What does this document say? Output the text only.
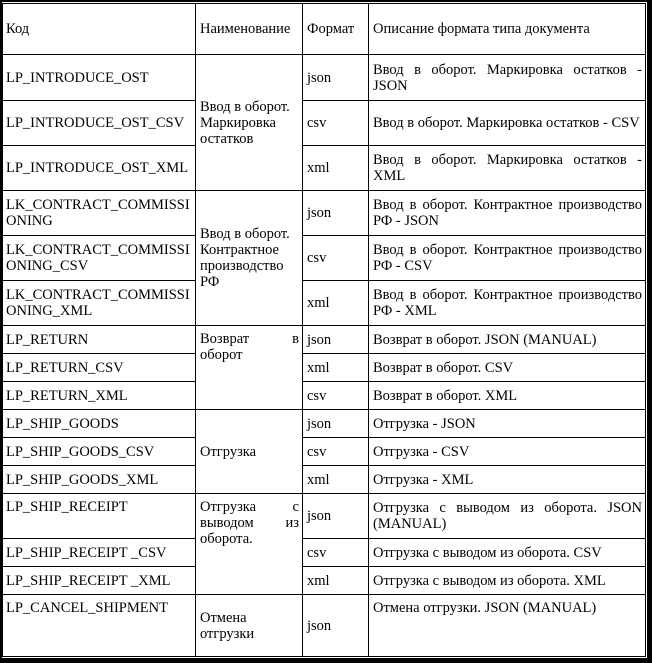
Код	Наименование	Формат	Описание формата типа документа
LP_INTRODUCE_OST	Ввод в оборот. Маркировка остатков	json	Ввод в оборот. Маркировка остатков - JSON
LP_INTRODUCE_OST_CSV		csv	Ввод в оборот. Маркировка остатков - CSV
LP_INTRODUCE_OST_XML		xml	Ввод в оборот. Маркировка остатков - XML
LK_CONTRACT_COMMISSIONING	Ввод в оборот. Контрактное производство РФ	json	Ввод в оборот. Контрактное производство РФ - JSON
LK_CONTRACT_COMMISSIONING_CSV		csv	Ввод в оборот. Контрактное производство РФ - CSV
LK_CONTRACT_COMMISSIONING_XML		xml	Ввод в оборот. Контрактное производство РФ - XML
LP_RETURN	Возврат в оборот	json	Возврат в оборот. JSON (MANUAL)
LP_RETURN_CSV		xml	Возврат в оборот. CSV
LP_RETURN_XML		csv	Возврат в оборот. XML
LP_SHIP_GOODS	Отгрузка	json	Отгрузка - JSON
LP_SHIP_GOODS_CSV		csv	Отгрузка - CSV
LP_SHIP_GOODS_XML		xml	Отгрузка - XML
LP_SHIP_RECEIPT	Отгрузка с выводом из оборота.	json	Отгрузка с выводом из оборота. JSON (MANUAL)
LP_SHIP_RECEIPT _CSV		csv	Отгрузка с выводом из оборота. CSV
LP_SHIP_RECEIPT _XML		xml	Отгрузка с выводом из оборота. XML
LP_CANCEL_SHIPMENT	Отмена отгрузки	json	Отмена отгрузки. JSON (MANUAL)
